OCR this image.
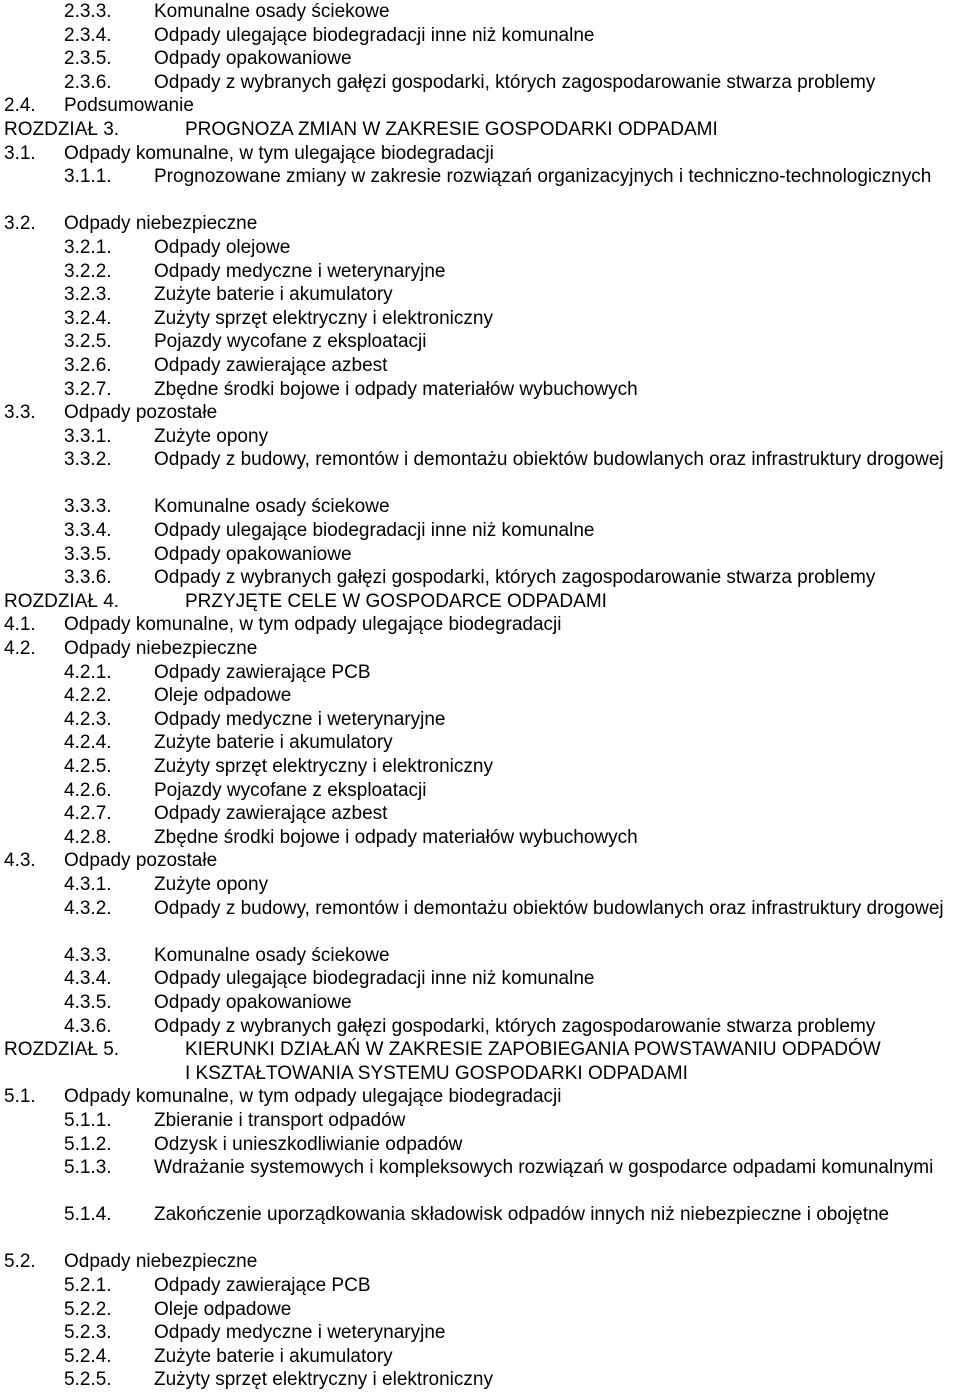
2.3.3. Komunalne osady ściekowe
2.3.4. Odpady ulegające biodegradacji inne niż komunalne
2.3.5. Odpady opakowaniowe
2.3.6. Odpady z wybranych gałęzi gospodarki, których zagospodarowanie stwarza problemy
2.4. Podsumowanie
ROZDZIAŁ 3.	PROGNOZA ZMIAN W ZAKRESIE GOSPODARKI ODPADAMI
3.1. Odpady komunalne, w tym ulegające biodegradacji
3.1.1. Prognozowane zmiany w zakresie rozwiązań organizacyjnych i techniczno-technologicznych
3.2. Odpady niebezpieczne
3.2.1. Odpady olejowe
3.2.2. Odpady medyczne i weterynaryjne
3.2.3. Zużyte baterie i akumulatory
3.2.4. Zużyty sprzęt elektryczny i elektroniczny
3.2.5. Pojazdy wycofane z eksploatacji
3.2.6. Odpady zawierające azbest
3.2.7. Zbędne środki bojowe i odpady materiałów wybuchowych
3.3. Odpady pozostałe
3.3.1. Zużyte opony
3.3.2. Odpady z budowy, remontów i demontażu obiektów budowlanych oraz infrastruktury drogowej
3.3.3. Komunalne osady ściekowe
3.3.4. Odpady ulegające biodegradacji inne niż komunalne
3.3.5. Odpady opakowaniowe
3.3.6. Odpady z wybranych gałęzi gospodarki, których zagospodarowanie stwarza problemy
ROZDZIAŁ 4.	PRZYJĘTE CELE W GOSPODARCE ODPADAMI
4.1. Odpady komunalne, w tym odpady ulegające biodegradacji
4.2. Odpady niebezpieczne
4.2.1. Odpady zawierające PCB
4.2.2. Oleje odpadowe
4.2.3. Odpady medyczne i weterynaryjne
4.2.4. Zużyte baterie i akumulatory
4.2.5. Zużyty sprzęt elektryczny i elektroniczny
4.2.6. Pojazdy wycofane z eksploatacji
4.2.7. Odpady zawierające azbest
4.2.8. Zbędne środki bojowe i odpady materiałów wybuchowych
4.3. Odpady pozostałe
4.3.1. Zużyte opony
4.3.2. Odpady z budowy, remontów i demontażu obiektów budowlanych oraz infrastruktury drogowej
4.3.3. Komunalne osady ściekowe
4.3.4. Odpady ulegające biodegradacji inne niż komunalne
4.3.5. Odpady opakowaniowe
4.3.6. Odpady z wybranych gałęzi gospodarki, których zagospodarowanie stwarza problemy
ROZDZIAŁ 5.	KIERUNKI DZIAŁAŃ W ZAKRESIE ZAPOBIEGANIA POWSTAWANIU ODPADÓW I KSZTAŁTOWANIA SYSTEMU GOSPODARKI ODPADAMI
5.1. Odpady komunalne, w tym odpady ulegające biodegradacji
5.1.1. Zbieranie i transport odpadów
5.1.2. Odzysk i unieszkodliwianie odpadów
5.1.3. Wdrażanie systemowych i kompleksowych rozwiązań w gospodarce odpadami komunalnymi
5.1.4. Zakończenie uporządkowania składowisk odpadów innych niż niebezpieczne i obojętne
5.2. Odpady niebezpieczne
5.2.1. Odpady zawierające PCB
5.2.2. Oleje odpadowe
5.2.3. Odpady medyczne i weterynaryjne
5.2.4. Zużyte baterie i akumulatory
5.2.5. Zużyty sprzęt elektryczny i elektroniczny
